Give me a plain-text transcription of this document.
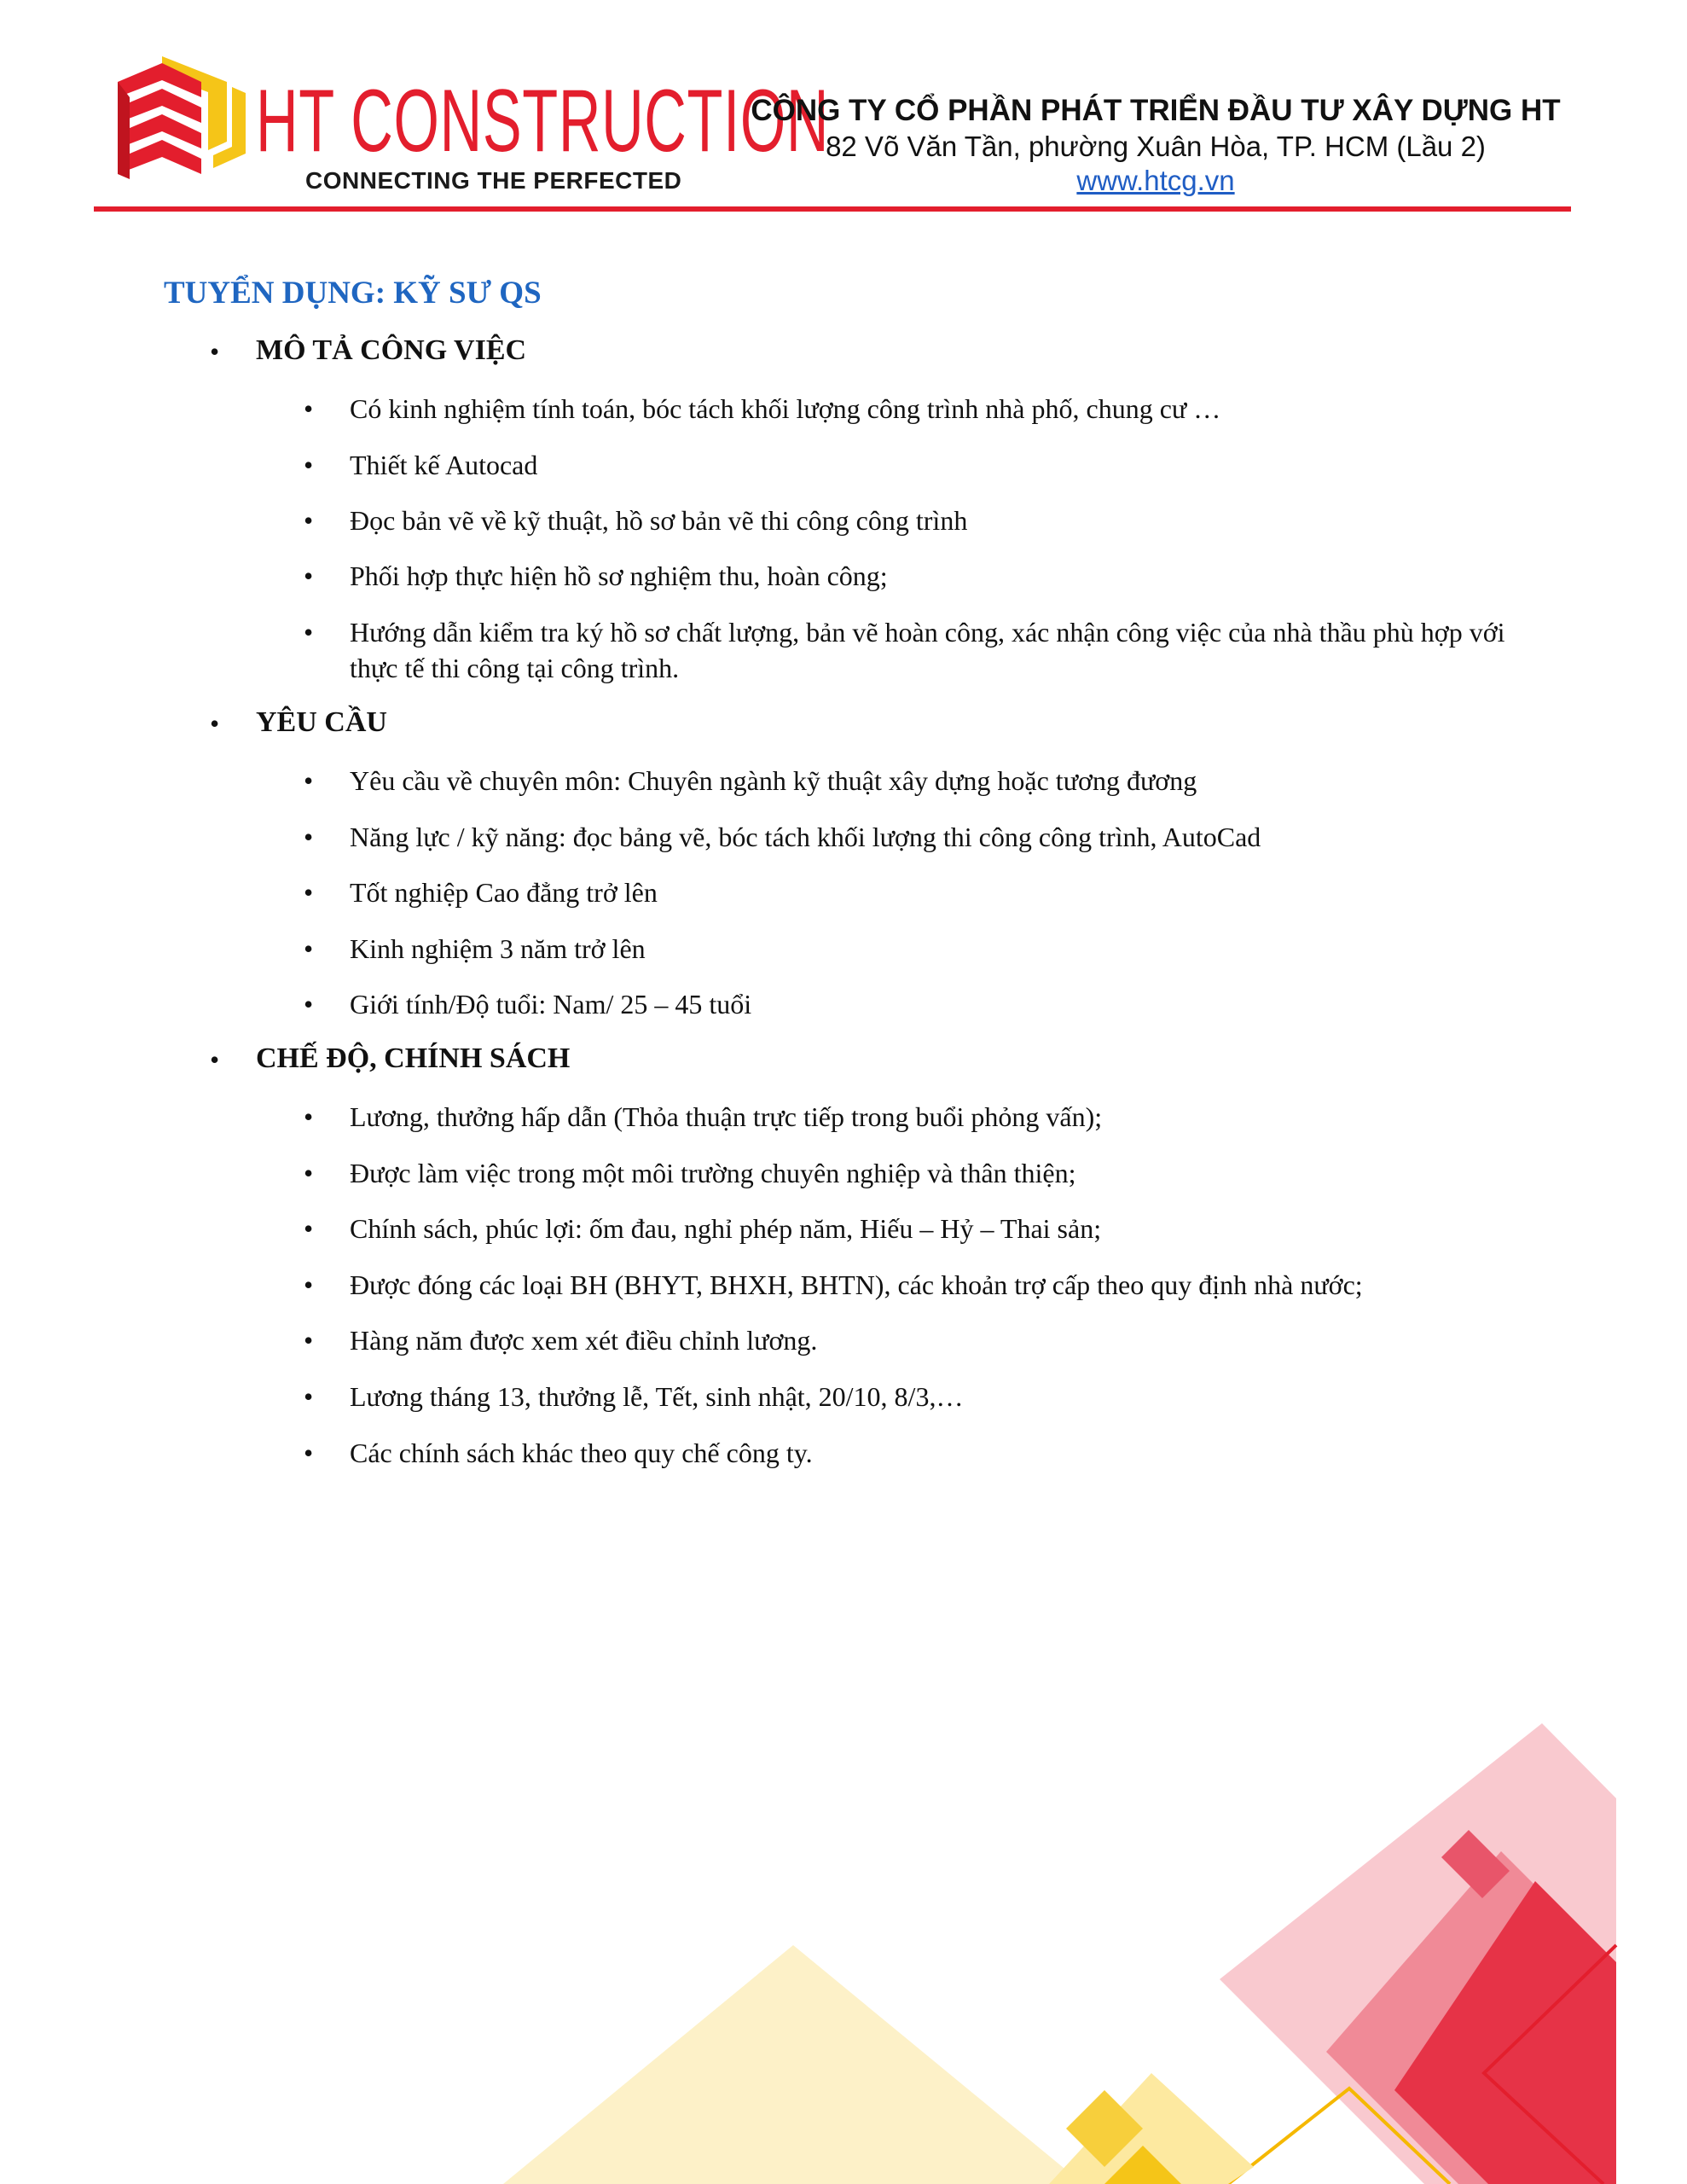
HT CONSTRUCTION
CONNECTING THE PERFECTED
CÔNG TY CỔ PHẦN PHÁT TRIỂN ĐẦU TƯ XÂY DỰNG HT
82 Võ Văn Tần, phường Xuân Hòa, TP. HCM (Lầu 2)
www.htcg.vn
TUYỂN DỤNG: KỸ SƯ QS
• MÔ TẢ CÔNG VIỆC
• Có kinh nghiệm tính toán, bóc tách khối lượng công trình nhà phố, chung cư …
• Thiết kế Autocad
• Đọc bản vẽ về kỹ thuật, hồ sơ bản vẽ thi công công trình
• Phối hợp thực hiện hồ sơ nghiệm thu, hoàn công;
• Hướng dẫn kiểm tra ký hồ sơ chất lượng, bản vẽ hoàn công, xác nhận công việc của nhà thầu phù hợp với thực tế thi công tại công trình.
• YÊU CẦU
• Yêu cầu về chuyên môn: Chuyên ngành kỹ thuật xây dựng hoặc tương đương
• Năng lực / kỹ năng: đọc bảng vẽ, bóc tách khối lượng thi công công trình, AutoCad
• Tốt nghiệp Cao đẳng trở lên
• Kinh nghiệm 3 năm trở lên
• Giới tính/Độ tuổi: Nam/ 25 – 45 tuổi
• CHẾ ĐỘ, CHÍNH SÁCH
• Lương, thưởng hấp dẫn (Thỏa thuận trực tiếp trong buổi phỏng vấn);
• Được làm việc trong một môi trường chuyên nghiệp và thân thiện;
• Chính sách, phúc lợi: ốm đau, nghỉ phép năm, Hiếu – Hỷ – Thai sản;
• Được đóng các loại BH (BHYT, BHXH, BHTN), các khoản trợ cấp theo quy định nhà nước;
• Hàng năm được xem xét điều chỉnh lương.
• Lương tháng 13, thưởng lễ, Tết, sinh nhật, 20/10, 8/3,…
• Các chính sách khác theo quy chế công ty.
